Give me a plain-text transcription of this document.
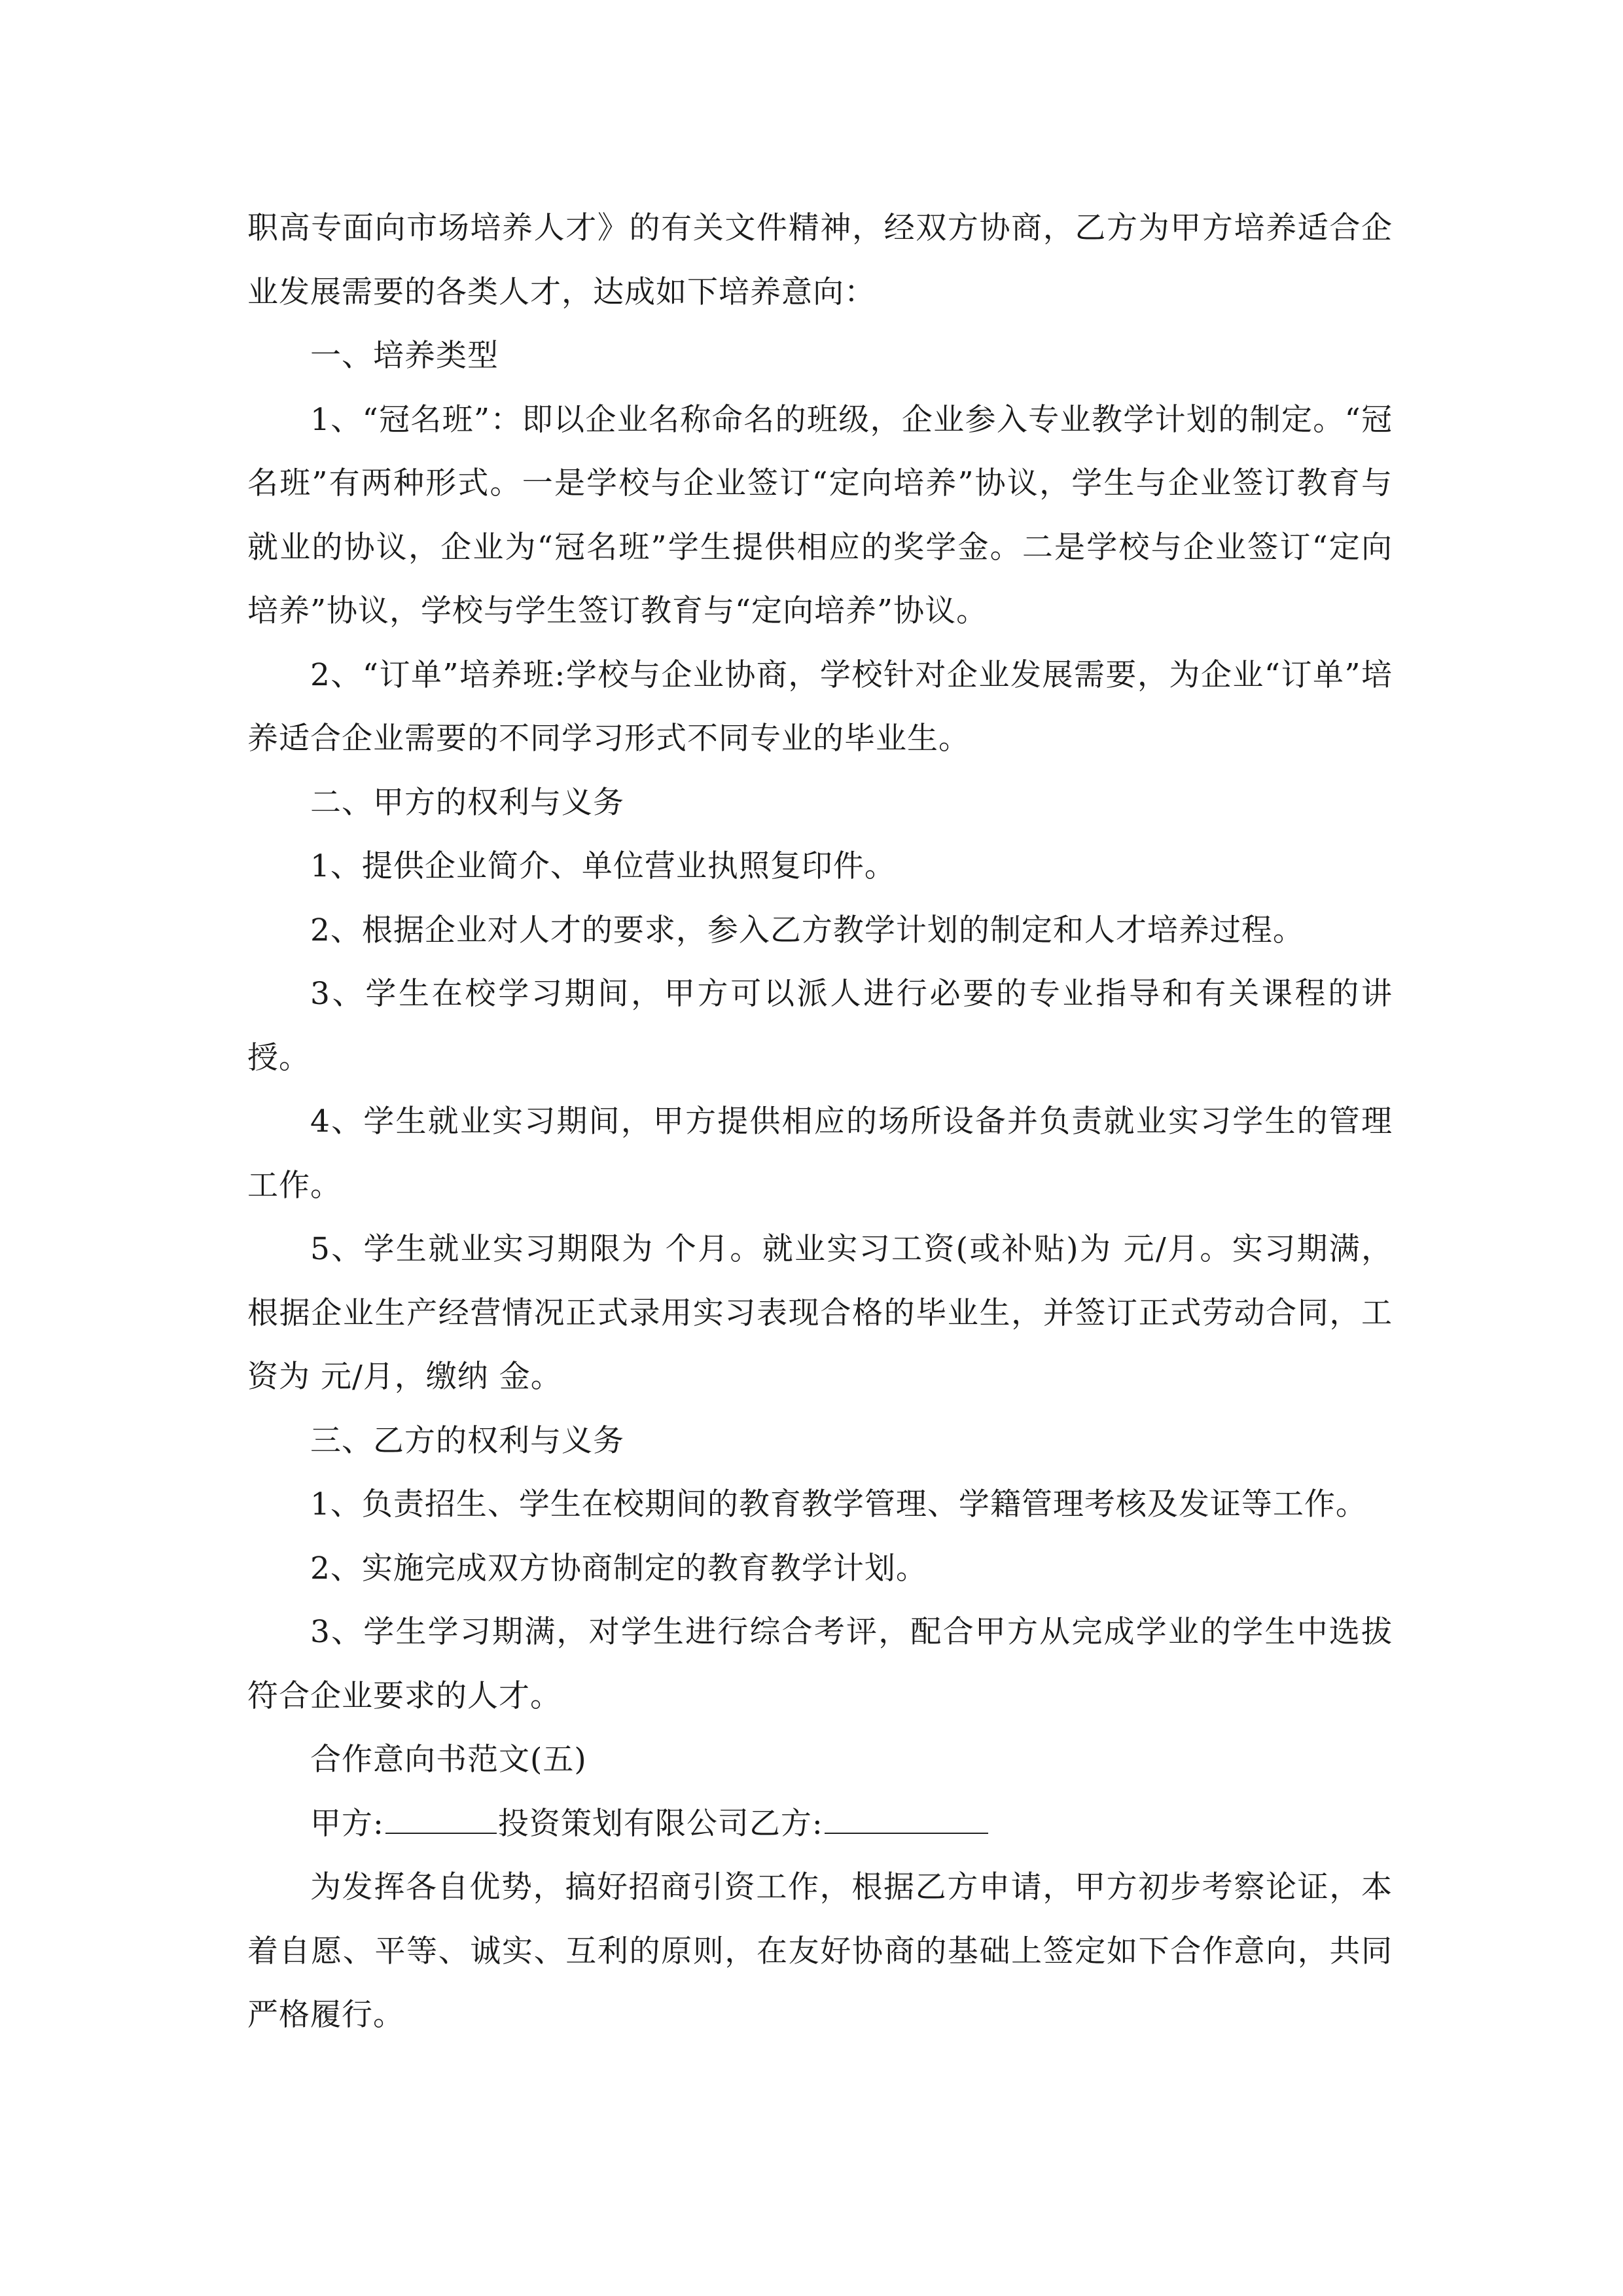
职高专面向市场培养人才》的有关文件精神，经双方协商，乙方为甲方培养适合企业发展需要的各类人才，达成如下培养意向：

一、培养类型

1、“冠名班”：即以企业名称命名的班级，企业参入专业教学计划的制定。“冠名班”有两种形式。一是学校与企业签订“定向培养”协议，学生与企业签订教育与就业的协议，企业为“冠名班”学生提供相应的奖学金。二是学校与企业签订“定向培养”协议，学校与学生签订教育与“定向培养”协议。

2、“订单”培养班:学校与企业协商，学校针对企业发展需要，为企业“订单”培养适合企业需要的不同学习形式不同专业的毕业生。

二、甲方的权利与义务

1、提供企业简介、单位营业执照复印件。

2、根据企业对人才的要求，参入乙方教学计划的制定和人才培养过程。

3、学生在校学习期间，甲方可以派人进行必要的专业指导和有关课程的讲授。

4、学生就业实习期间，甲方提供相应的场所设备并负责就业实习学生的管理工作。

5、学生就业实习期限为 个月。就业实习工资(或补贴)为 元/月。实习期满，根据企业生产经营情况正式录用实习表现合格的毕业生，并签订正式劳动合同，工资为 元/月，缴纳 金。

三、乙方的权利与义务

1、负责招生、学生在校期间的教育教学管理、学籍管理考核及发证等工作。

2、实施完成双方协商制定的教育教学计划。

3、学生学习期满，对学生进行综合考评，配合甲方从完成学业的学生中选拔符合企业要求的人才。

合作意向书范文(五)

甲方:	投资策划有限公司乙方:

为发挥各自优势，搞好招商引资工作，根据乙方申请，甲方初步考察论证，本着自愿、平等、诚实、互利的原则，在友好协商的基础上签定如下合作意向，共同严格履行。
